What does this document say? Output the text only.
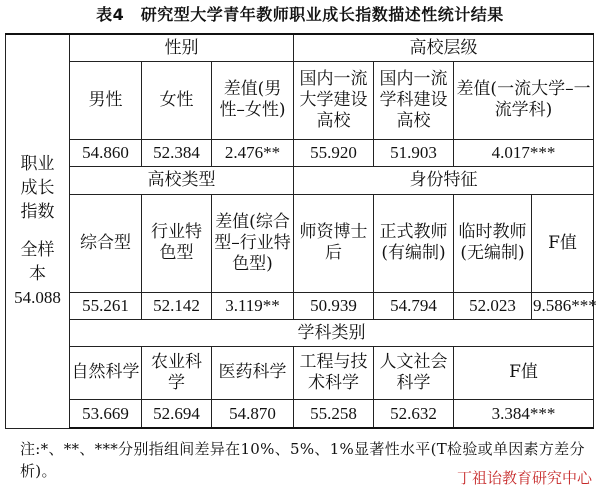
表4　研究型大学青年教师职业成长指数描述性统计结果
职业成长指数
全样本
54.088	性别			高校层级			
	男性	女性	差值(男性–女性)	国内一流大学建设高校	国内一流学科建设高校	差值(一流大学–一流学科)	
	54.860	52.384	2.476**	55.920	51.903	4.017***	
	高校类型			身份特征			
	综合型	行业特色型	差值(综合型–行业特色型)	师资博士后	正式教师(有编制)	临时教师(无编制)	F值
	55.261	52.142	3.119**	50.939	54.794	52.023	9.586***
	学科类别						
	自然科学	农业科学	医药科学	工程与技术科学	人文社会科学	F值	
	53.669	52.694	54.870	55.258	52.632	3.384***	
注:*、**、***分别指组间差异在10%、5%、1%显著性水平(T检验或单因素方差分析)。	丁祖诒教育研究中心
